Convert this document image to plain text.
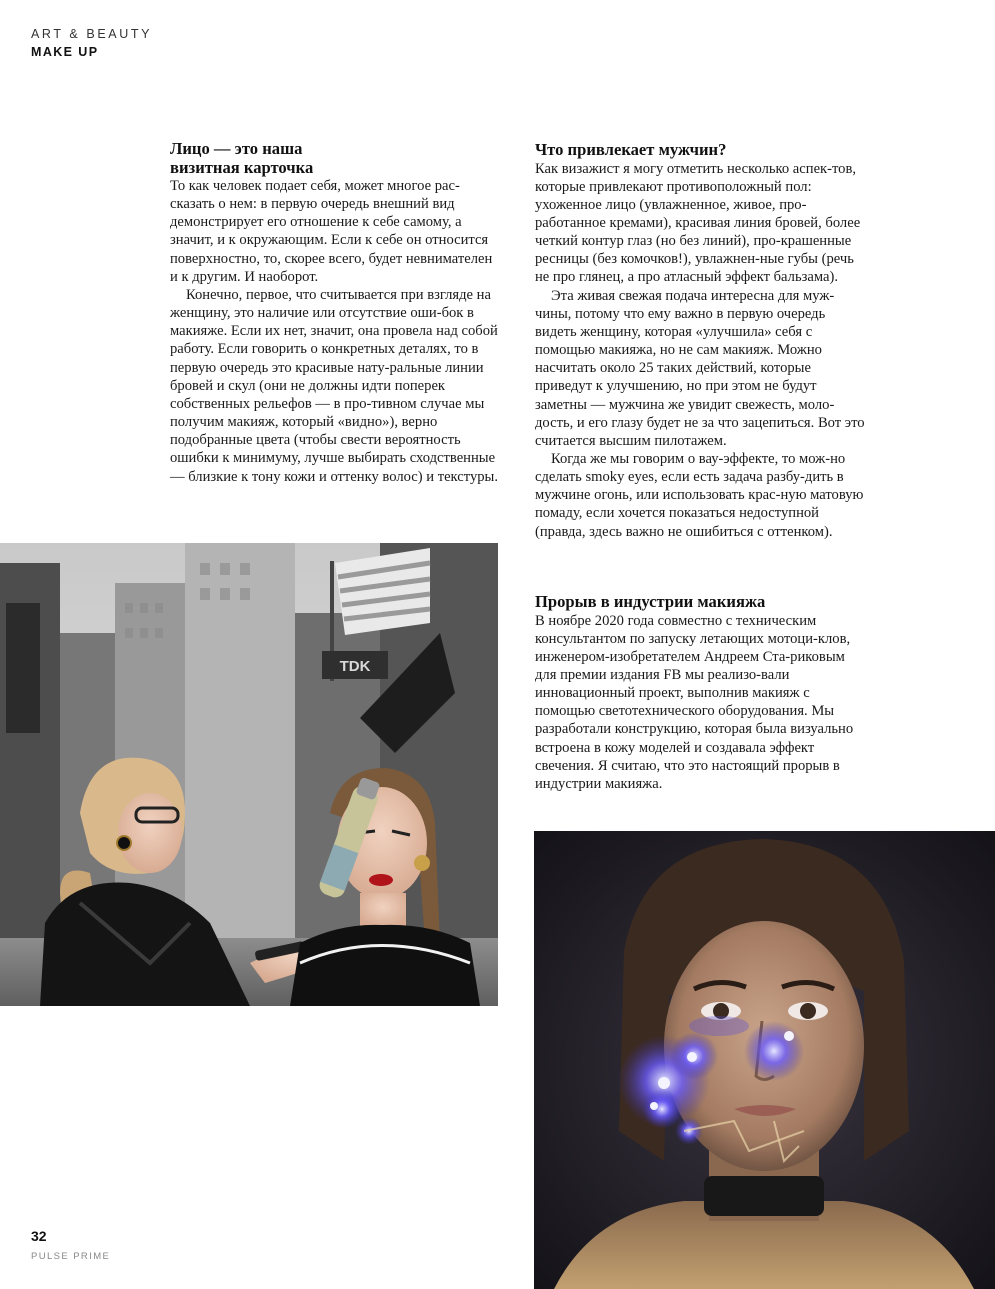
ART & BEAUTY
MAKE UP
Лицо — это наша
визитная карточка

То как человек подает себя, может многое рас-сказать о нем: в первую очередь внешний вид демонстрирует его отношение к себе самому, а значит, и к окружающим. Если к себе он относится поверхностно, то, скорее всего, будет невнимателен и к другим. И наоборот.

Конечно, первое, что считывается при взгляде на женщину, это наличие или отсутствие оши-бок в макияже. Если их нет, значит, она провела над собой работу. Если говорить о конкретных деталях, то в первую очередь это красивые нату-ральные линии бровей и скул (они не должны идти поперек собственных рельефов — в про-тивном случае мы получим макияж, который «видно»), верно подобранные цвета (чтобы свести вероятность ошибки к минимуму, лучше выбирать сходственные — близкие к тону кожи и оттенку волос) и текстуры.

Что привлекает мужчин?

Как визажист я могу отметить несколько аспек-тов, которые привлекают противоположный пол: ухоженное лицо (увлажненное, живое, про-работанное кремами), красивая линия бровей, более четкий контур глаз (но без линий), про-крашенные ресницы (без комочков!), увлажнен-ные губы (речь не про глянец, а про атласный эффект бальзама).

Эта живая свежая подача интересна для муж-чины, потому что ему важно в первую очередь видеть женщину, которая «улучшила» себя с помощью макияжа, но не сам макияж. Можно насчитать около 25 таких действий, которые приведут к улучшению, но при этом не будут заметны — мужчина же увидит свежесть, моло-дость, и его глазу будет не за что зацепиться. Вот это считается высшим пилотажем.

Когда же мы говорим о вау-эффекте, то мож-но сделать smoky eyes, если есть задача разбу-дить в мужчине огонь, или использовать крас-ную матовую помаду, если хочется показаться недоступной (правда, здесь важно не ошибиться с оттенком).

Прорыв в индустрии макияжа

В ноябре 2020 года совместно с техническим консультантом по запуску летающих мотоци-клов, инженером-изобретателем Андреем Ста-риковым для премии издания FB мы реализо-вали инновационный проект, выполнив макияж с помощью светотехнического оборудования. Мы разработали конструкцию, которая была визуально встроена в кожу моделей и создавала эффект свечения. Я считаю, что это настоящий прорыв в индустрии макияжа.

TDK
32
PULSE PRIME
